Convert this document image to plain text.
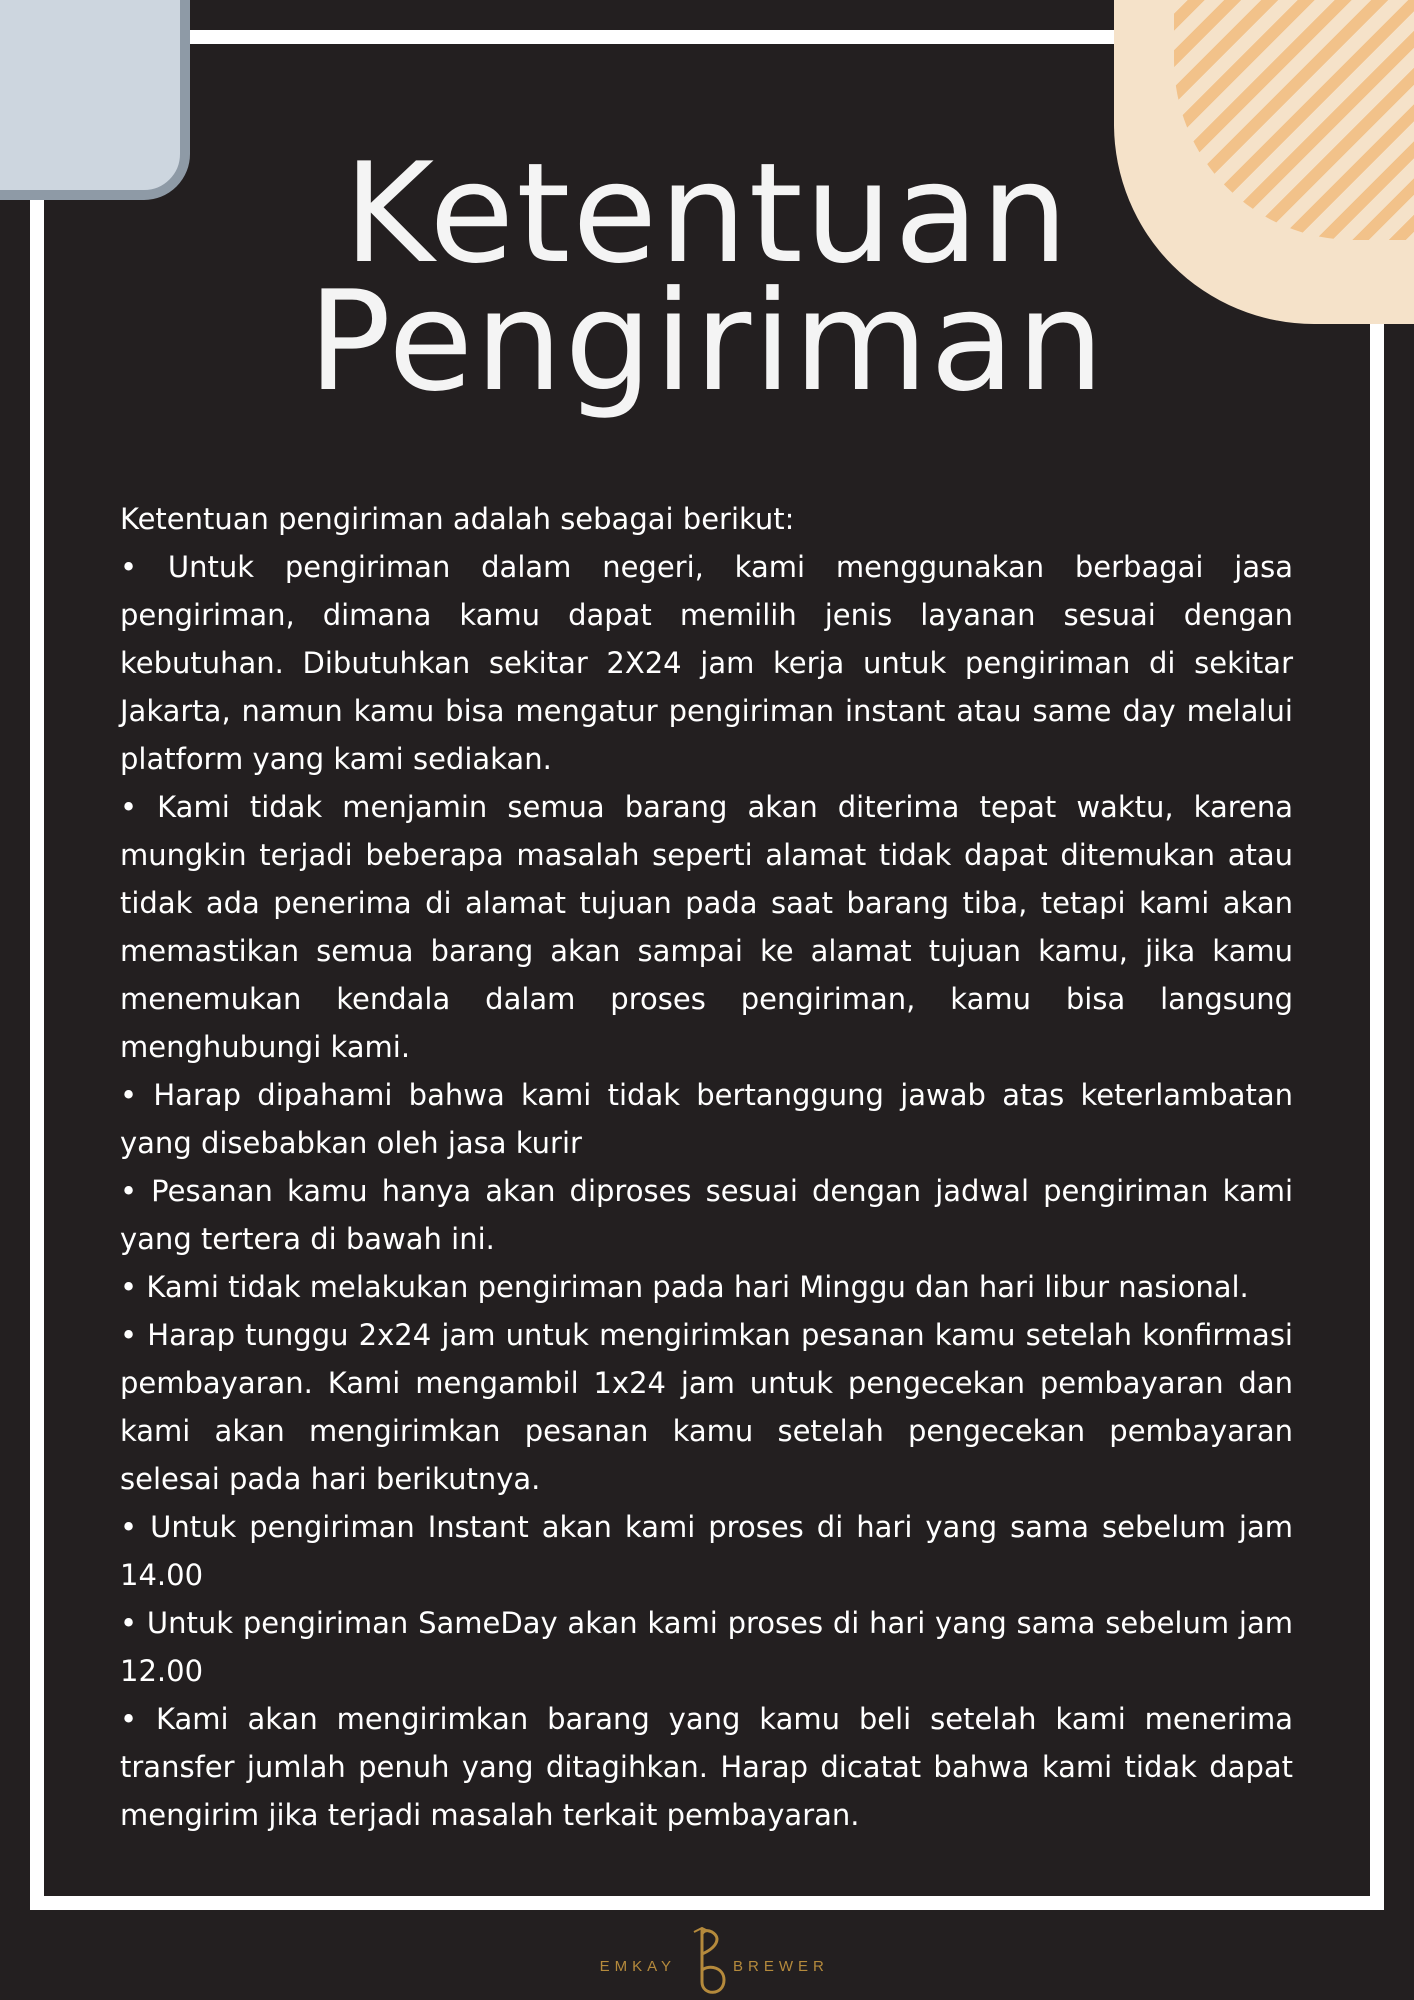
Ketentuan
Pengiriman

Ketentuan pengiriman adalah sebagai berikut:

• Untuk pengiriman dalam negeri, kami menggunakan berbagai jasa pengiriman, dimana kamu dapat memilih jenis layanan sesuai dengan kebutuhan. Dibutuhkan sekitar 2X24 jam kerja untuk pengiriman di sekitar Jakarta, namun kamu bisa mengatur pengiriman instant atau same day melalui platform yang kami sediakan.

• Kami tidak menjamin semua barang akan diterima tepat waktu, karena mungkin terjadi beberapa masalah seperti alamat tidak dapat ditemukan atau tidak ada penerima di alamat tujuan pada saat barang tiba, tetapi kami akan memastikan semua barang akan sampai ke alamat tujuan kamu, jika kamu menemukan kendala dalam proses pengiriman, kamu bisa langsung menghubungi kami.

• Harap dipahami bahwa kami tidak bertanggung jawab atas keterlambatan yang disebabkan oleh jasa kurir

• Pesanan kamu hanya akan diproses sesuai dengan jadwal pengiriman kami yang tertera di bawah ini.

• Kami tidak melakukan pengiriman pada hari Minggu dan hari libur nasional.

• Harap tunggu 2x24 jam untuk mengirimkan pesanan kamu setelah konfirmasi pembayaran. Kami mengambil 1x24 jam untuk pengecekan pembayaran dan kami akan mengirimkan pesanan kamu setelah pengecekan pembayaran selesai pada hari berikutnya.

• Untuk pengiriman Instant akan kami proses di hari yang sama sebelum jam 14.00

• Untuk pengiriman SameDay akan kami proses di hari yang sama sebelum jam 12.00

• Kami akan mengirimkan barang yang kamu beli setelah kami menerima transfer jumlah penuh yang ditagihkan. Harap dicatat bahwa kami tidak dapat mengirim jika terjadi masalah terkait pembayaran.

EMKAY	BREWER
